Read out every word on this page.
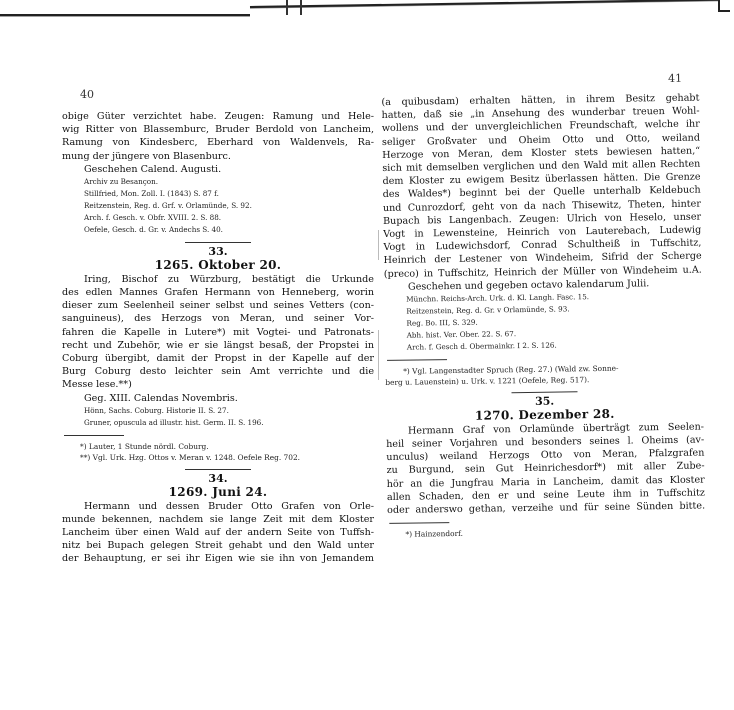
40
obige Güter verzichtet habe. Zeugen: Ramung und Hele-
wig Ritter von Blassemburc, Bruder Berdold von Lancheim,
Ramung von Kindesberc, Eberhard von Waldenvels, Ra-
mung der jüngere von Blasenburc.
Geschehen Calend. Augusti.
Archiv zu Besançon.
Stillfried, Mon. Zoll. I. (1843) S. 87 f.
Reitzenstein, Reg. d. Grf. v. Orlamünde, S. 92.
Arch. f. Gesch. v. Obfr. XVIII. 2. S. 88.
Oefele, Gesch. d. Gr. v. Andechs S. 40.
33.
1265. Oktober 20.
Iring, Bischof zu Würzburg, bestätigt die Urkunde
des edlen Mannes Grafen Hermann von Henneberg, worin
dieser zum Seelenheil seiner selbst und seines Vetters (con-
sanguineus), des Herzogs von Meran, und seiner Vor-
fahren die Kapelle in Lutere*) mit Vogtei- und Patronats-
recht und Zubehör, wie er sie längst besaß, der Propstei in
Coburg übergibt, damit der Propst in der Kapelle auf der
Burg Coburg desto leichter sein Amt verrichte und die
Messe lese.**)
Geg. XIII. Calendas Novembris.
Hönn, Sachs. Coburg. Historie II. S. 27.
Gruner, opuscula ad illustr. hist. Germ. II. S. 196.
*) Lauter, 1 Stunde nördl. Coburg.
**) Vgl. Urk. Hzg. Ottos v. Meran v. 1248. Oefele Reg. 702.
34.
1269. Juni 24.
Hermann und dessen Bruder Otto Grafen von Orle-
munde bekennen, nachdem sie lange Zeit mit dem Kloster
Lancheim über einen Wald auf der andern Seite von Tuffsh-
nitz bei Bupach gelegen Streit gehabt und den Wald unter
der Behauptung, er sei ihr Eigen wie sie ihn von Jemandem
41
(a quibusdam) erhalten hätten, in ihrem Besitz gehabt
hatten, daß sie „in Ansehung des wunderbar treuen Wohl-
wollens und der unvergleichlichen Freundschaft, welche ihr
seliger Großvater und Oheim Otto und Otto, weiland
Herzoge von Meran, dem Kloster stets bewiesen hatten,“
sich mit demselben verglichen und den Wald mit allen Rechten
dem Kloster zu ewigem Besitz überlassen hätten. Die Grenze
des Waldes*) beginnt bei der Quelle unterhalb Keldebuch
und Cunrozdorf, geht von da nach Thisewitz, Theten, hinter
Bupach bis Langenbach. Zeugen: Ulrich von Heselo, unser
Vogt in Lewensteine, Heinrich von Lauterebach, Ludewig
Vogt in Ludewichsdorf, Conrad Schultheiß in Tuffschitz,
Heinrich der Lestener von Windeheim, Sifrid der Scherge
(preco) in Tuffschitz, Heinrich der Müller von Windeheim u.A.
Geschehen und gegeben octavo kalendarum Julii.
Münchn. Reichs-Arch. Urk. d. Kl. Langh. Fasc. 15.
Reitzenstein, Reg. d. Gr. v Orlamünde, S. 93.
Reg. Bo. III, S. 329.
Abh. hist. Ver. Ober. 22. S. 67.
Arch. f. Gesch d. Obermainkr. I 2. S. 126.
*) Vgl. Langenstadter Spruch (Reg. 27.) (Wald zw. Sonne-
berg u. Lauenstein) u. Urk. v. 1221 (Oefele, Reg. 517).
35.
1270. Dezember 28.
Hermann Graf von Orlamünde überträgt zum Seelen-
heil seiner Vorjahren und besonders seines l. Oheims (av-
unculus) weiland Herzogs Otto von Meran, Pfalzgrafen
zu Burgund, sein Gut Heinrichesdorf*) mit aller Zube-
hör an die Jungfrau Maria in Lancheim, damit das Kloster
allen Schaden, den er und seine Leute ihm in Tuffschitz
oder anderswo gethan, verzeihe und für seine Sünden bitte.
*) Hainzendorf.
